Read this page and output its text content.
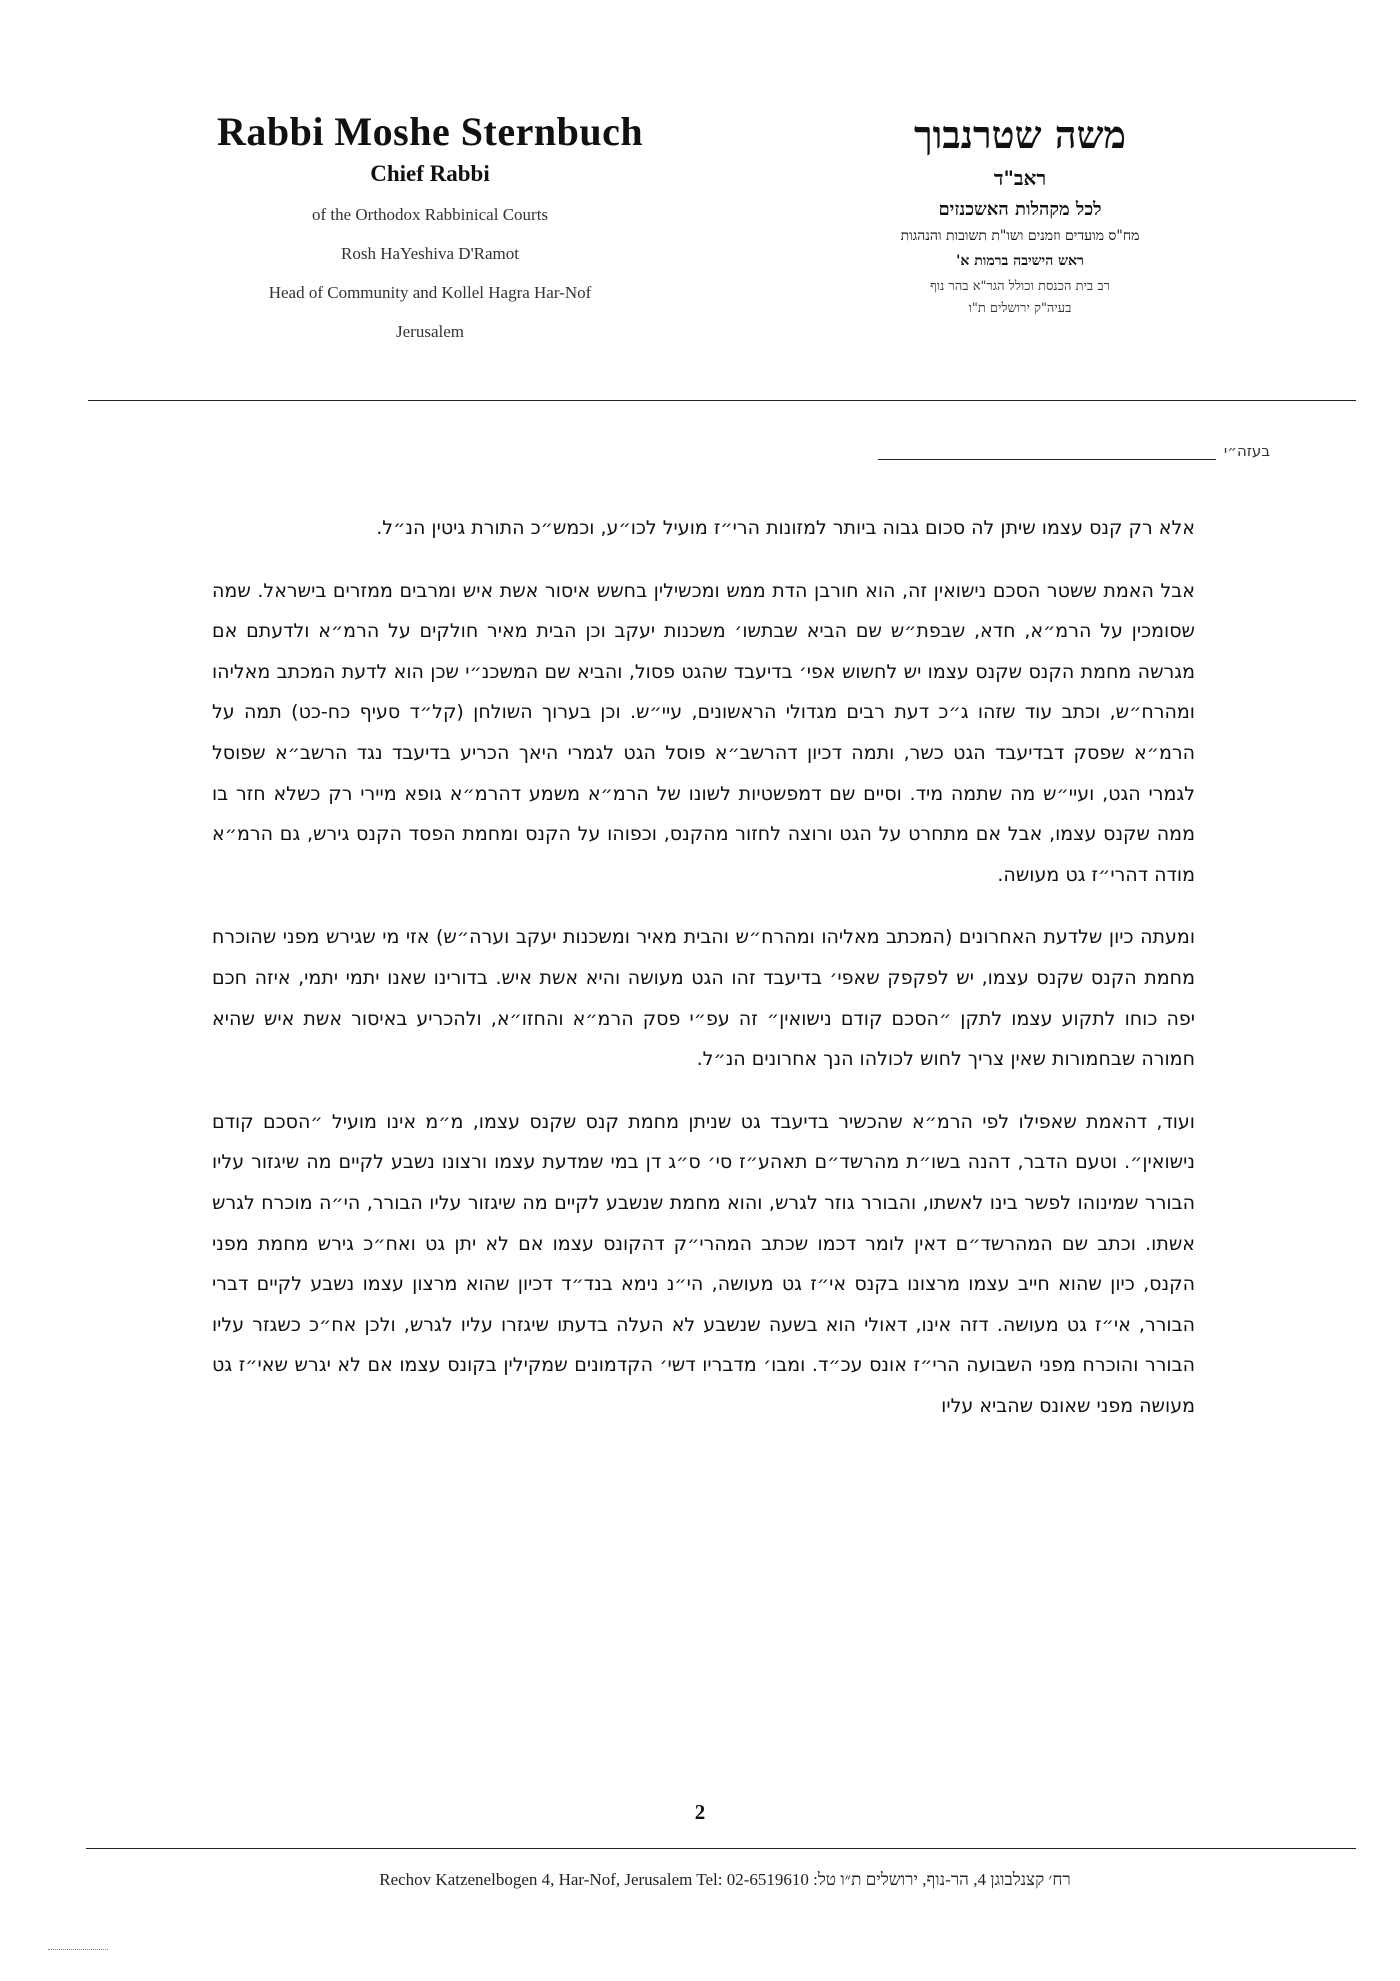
Rabbi Moshe Sternbuch
Chief Rabbi
of the Orthodox Rabbinical Courts
Rosh HaYeshiva D'Ramot
Head of Community and Kollel Hagra Har-Nof
Jerusalem
משה שטרנבוך
ראב"ד
לכל מקהלות האשכנזים
מח"ס מועדים וזמנים ושו"ת תשובות והנהגות
ראש הישיבה ברמות א'
רב בית הכנסת וכולל הגר"א בהר נוף
בעיה"ק ירושלים ת"ו
בעזה״י

אלא רק קנס עצמו שיתן לה סכום גבוה ביותר למזונות הרי״ז מועיל לכו״ע, וכמש״כ התורת גיטין הנ״ל.

אבל האמת ששטר הסכם נישואין זה, הוא חורבן הדת ממש ומכשילין בחשש איסור אשת איש ומרבים ממזרים בישראל. שמה שסומכין על הרמ״א, חדא, שבפת״ש שם הביא שבתשו׳ משכנות יעקב וכן הבית מאיר חולקים על הרמ״א ולדעתם אם מגרשה מחמת הקנס שקנס עצמו יש לחשוש אפי׳ בדיעבד שהגט פסול, והביא שם המשכנ״י שכן הוא לדעת המכתב מאליהו ומהרח״ש, וכתב עוד שזהו ג״כ דעת רבים מגדולי הראשונים, עיי״ש. וכן בערוך השולחן (קל״ד סעיף כח-כט) תמה על הרמ״א שפסק דבדיעבד הגט כשר, ותמה דכיון דהרשב״א פוסל הגט לגמרי היאך הכריע בדיעבד נגד הרשב״א שפוסל לגמרי הגט, ועיי״ש מה שתמה מיד. וסיים שם דמפשטיות לשונו של הרמ״א משמע דהרמ״א גופא מיירי רק כשלא חזר בו ממה שקנס עצמו, אבל אם מתחרט על הגט ורוצה לחזור מהקנס, וכפוהו על הקנס ומחמת הפסד הקנס גירש, גם הרמ״א מודה דהרי״ז גט מעושה.

ומעתה כיון שלדעת האחרונים (המכתב מאליהו ומהרח״ש והבית מאיר ומשכנות יעקב וערה״ש) אזי מי שגירש מפני שהוכרח מחמת הקנס שקנס עצמו, יש לפקפק שאפי׳ בדיעבד זהו הגט מעושה והיא אשת איש. בדורינו שאנו יתמי יתמי, איזה חכם יפה כוחו לתקוע עצמו לתקן ״הסכם קודם נישואין״ זה עפ״י פסק הרמ״א והחזו״א, ולהכריע באיסור אשת איש שהיא חמורה שבחמורות שאין צריך לחוש לכולהו הנך אחרונים הנ״ל.

ועוד, דהאמת שאפילו לפי הרמ״א שהכשיר בדיעבד גט שניתן מחמת קנס שקנס עצמו, מ״מ אינו מועיל ״הסכם קודם נישואין״. וטעם הדבר, דהנה בשו״ת מהרשד״ם תאהע״ז סי׳ ס״ג דן במי שמדעת עצמו ורצונו נשבע לקיים מה שיגזור עליו הבורר שמינוהו לפשר בינו לאשתו, והבורר גוזר לגרש, והוא מחמת שנשבע לקיים מה שיגזור עליו הבורר, הי״ה מוכרח לגרש אשתו. וכתב שם המהרשד״ם דאין לומר דכמו שכתב המהרי״ק דהקונס עצמו אם לא יתן גט ואח״כ גירש מחמת מפני הקנס, כיון שהוא חייב עצמו מרצונו בקנס אי״ז גט מעושה, הי״נ נימא בנד״ד דכיון שהוא מרצון עצמו נשבע לקיים דברי הבורר, אי״ז גט מעושה. דזה אינו, דאולי הוא בשעה שנשבע לא העלה בדעתו שיגזרו עליו לגרש, ולכן אח״כ כשגזר עליו הבורר והוכרח מפני השבועה הרי״ז אונס עכ״ד. ומבו׳ מדבריו דשי׳ הקדמונים שמקילין בקונס עצמו אם לא יגרש שאי״ז גט מעושה מפני שאונס שהביא עליו

2
Rechov Katzenelbogen 4, Har-Nof, Jerusalem Tel: 02-6519610 :רח׳ קצנלבוגן 4, הר-נוף, ירושלים ת״ו טל
